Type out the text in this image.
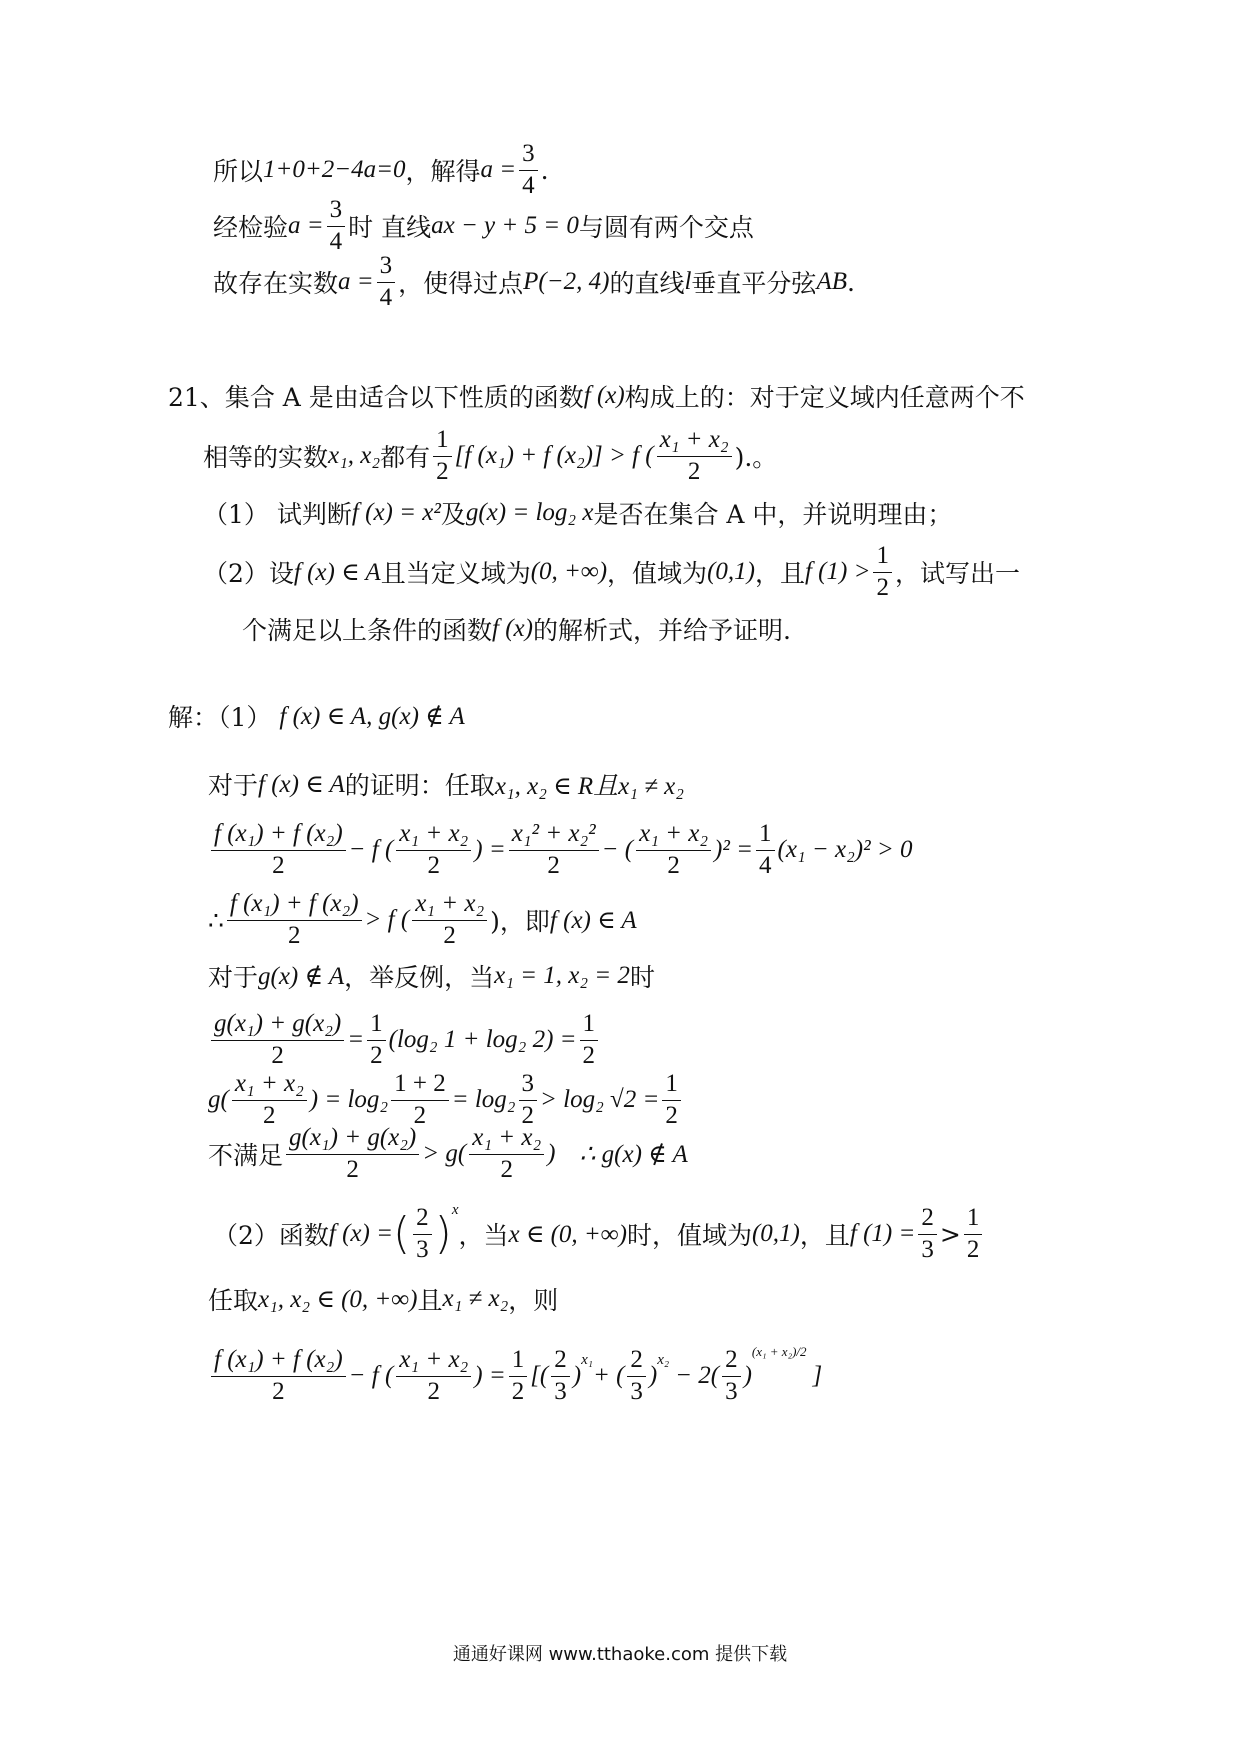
所以 1+0+2−4a=0 ，解得 $a = \frac{3}{4}$ .
经检验 $a = \frac{3}{4}$ 时 直线 ax − y + 5 = 0 与圆有两个交点
故存在实数 $a = \frac{3}{4}$ ，使得过点 P(−2, 4) 的直线 l 垂直平分弦 AB .
21、 集合 A 是由适合以下性质的函数 f (x) 构成上的：对于定义域内任意两个不
相等的实数 x₁, x₂ 都有 $\frac{1}{2} [f$ (x₁) + f (x₂)] > f ( $\frac{\text{x₁ + x₂}}{2}$ ).。
（1） 试判断 f (x) = x² 及 g(x) = log₂ x 是否在集合 A 中，并说明理由；
（2）设 f (x) ∈ A 且当定义域为 (0, +∞) ，值域为 (0,1) ，且 f $(1) > \frac{1}{2}$ ，试写出一
个满足以上条件的函数 f (x) 的解析式，并给予证明.
解：（1） f (x) ∈ A, g(x) ∉ A
对于 f (x) ∈ A 的证明：任取 x₁, x₂ ∈ R且x₁ ≠ x₂
$\frac{\text{f (x₁) + f (x₂)}}{2} - f$ ( $\frac{\text{x₁ + x₂}}{2}$ ) = $\frac{\text{x₁² + x₂²}}{2}$ − ( $\frac{\text{x₁ + x₂}}{2} )^2 = \frac{1}{4} (x_1 - x_2)^2 > 0$
∴ $\frac{\text{f (x₁) + f (x₂)}}{2} > f$ ( $\frac{\text{x₁ + x₂}}{2}$ )，即 f (x) ∈ A
对于 g(x) ∉ A ，举反例，当 x₁ = 1, x₂ = 2 时
$\frac{\text{g(x₁) + g(x₂)}}{2} = \frac{1}{2} (\log_2$ 1 + log₂ $2) = \frac{1}{2}$
$g( \frac{\text{x₁ + x₂}}{2}$ ) = $\log_2 \frac{1 + 2}{2} = \log_2 \frac{3}{2} > \log_2$ $√2 = \frac{1}{2}$
不满足 $\frac{\text{g(x₁) + g(x₂)}}{2} > g( \frac{\text{x₁ + x₂}}{2}$ ) ∴ g(x) ∉ A
（2）函数 f (x) = ( $\frac{2}{3} )^x$
，当 x ∈ (0, +∞) 时，值域为 (0,1) ，且 f $(1) = \frac{2}{3} > \frac{1}{2}$
任取 x₁, x₂ ∈ (0, +∞) 且 x₁ ≠ x₂ ，则
$\frac{\text{f (x₁) + f (x₂)}}{2} - f$ ( $\frac{\text{x₁ + x₂}}{2}$ ) = $\frac{1}{2}$ [( $\frac{2}{3}$ )
$^{x_1}$
+ ( $\frac{2}{3}$ )
$^{x_2}$
− $2( \frac{2}{3}$ )
(x₁ + x₂)/2
]
通通好课网 www.tthaoke.com 提供下载
